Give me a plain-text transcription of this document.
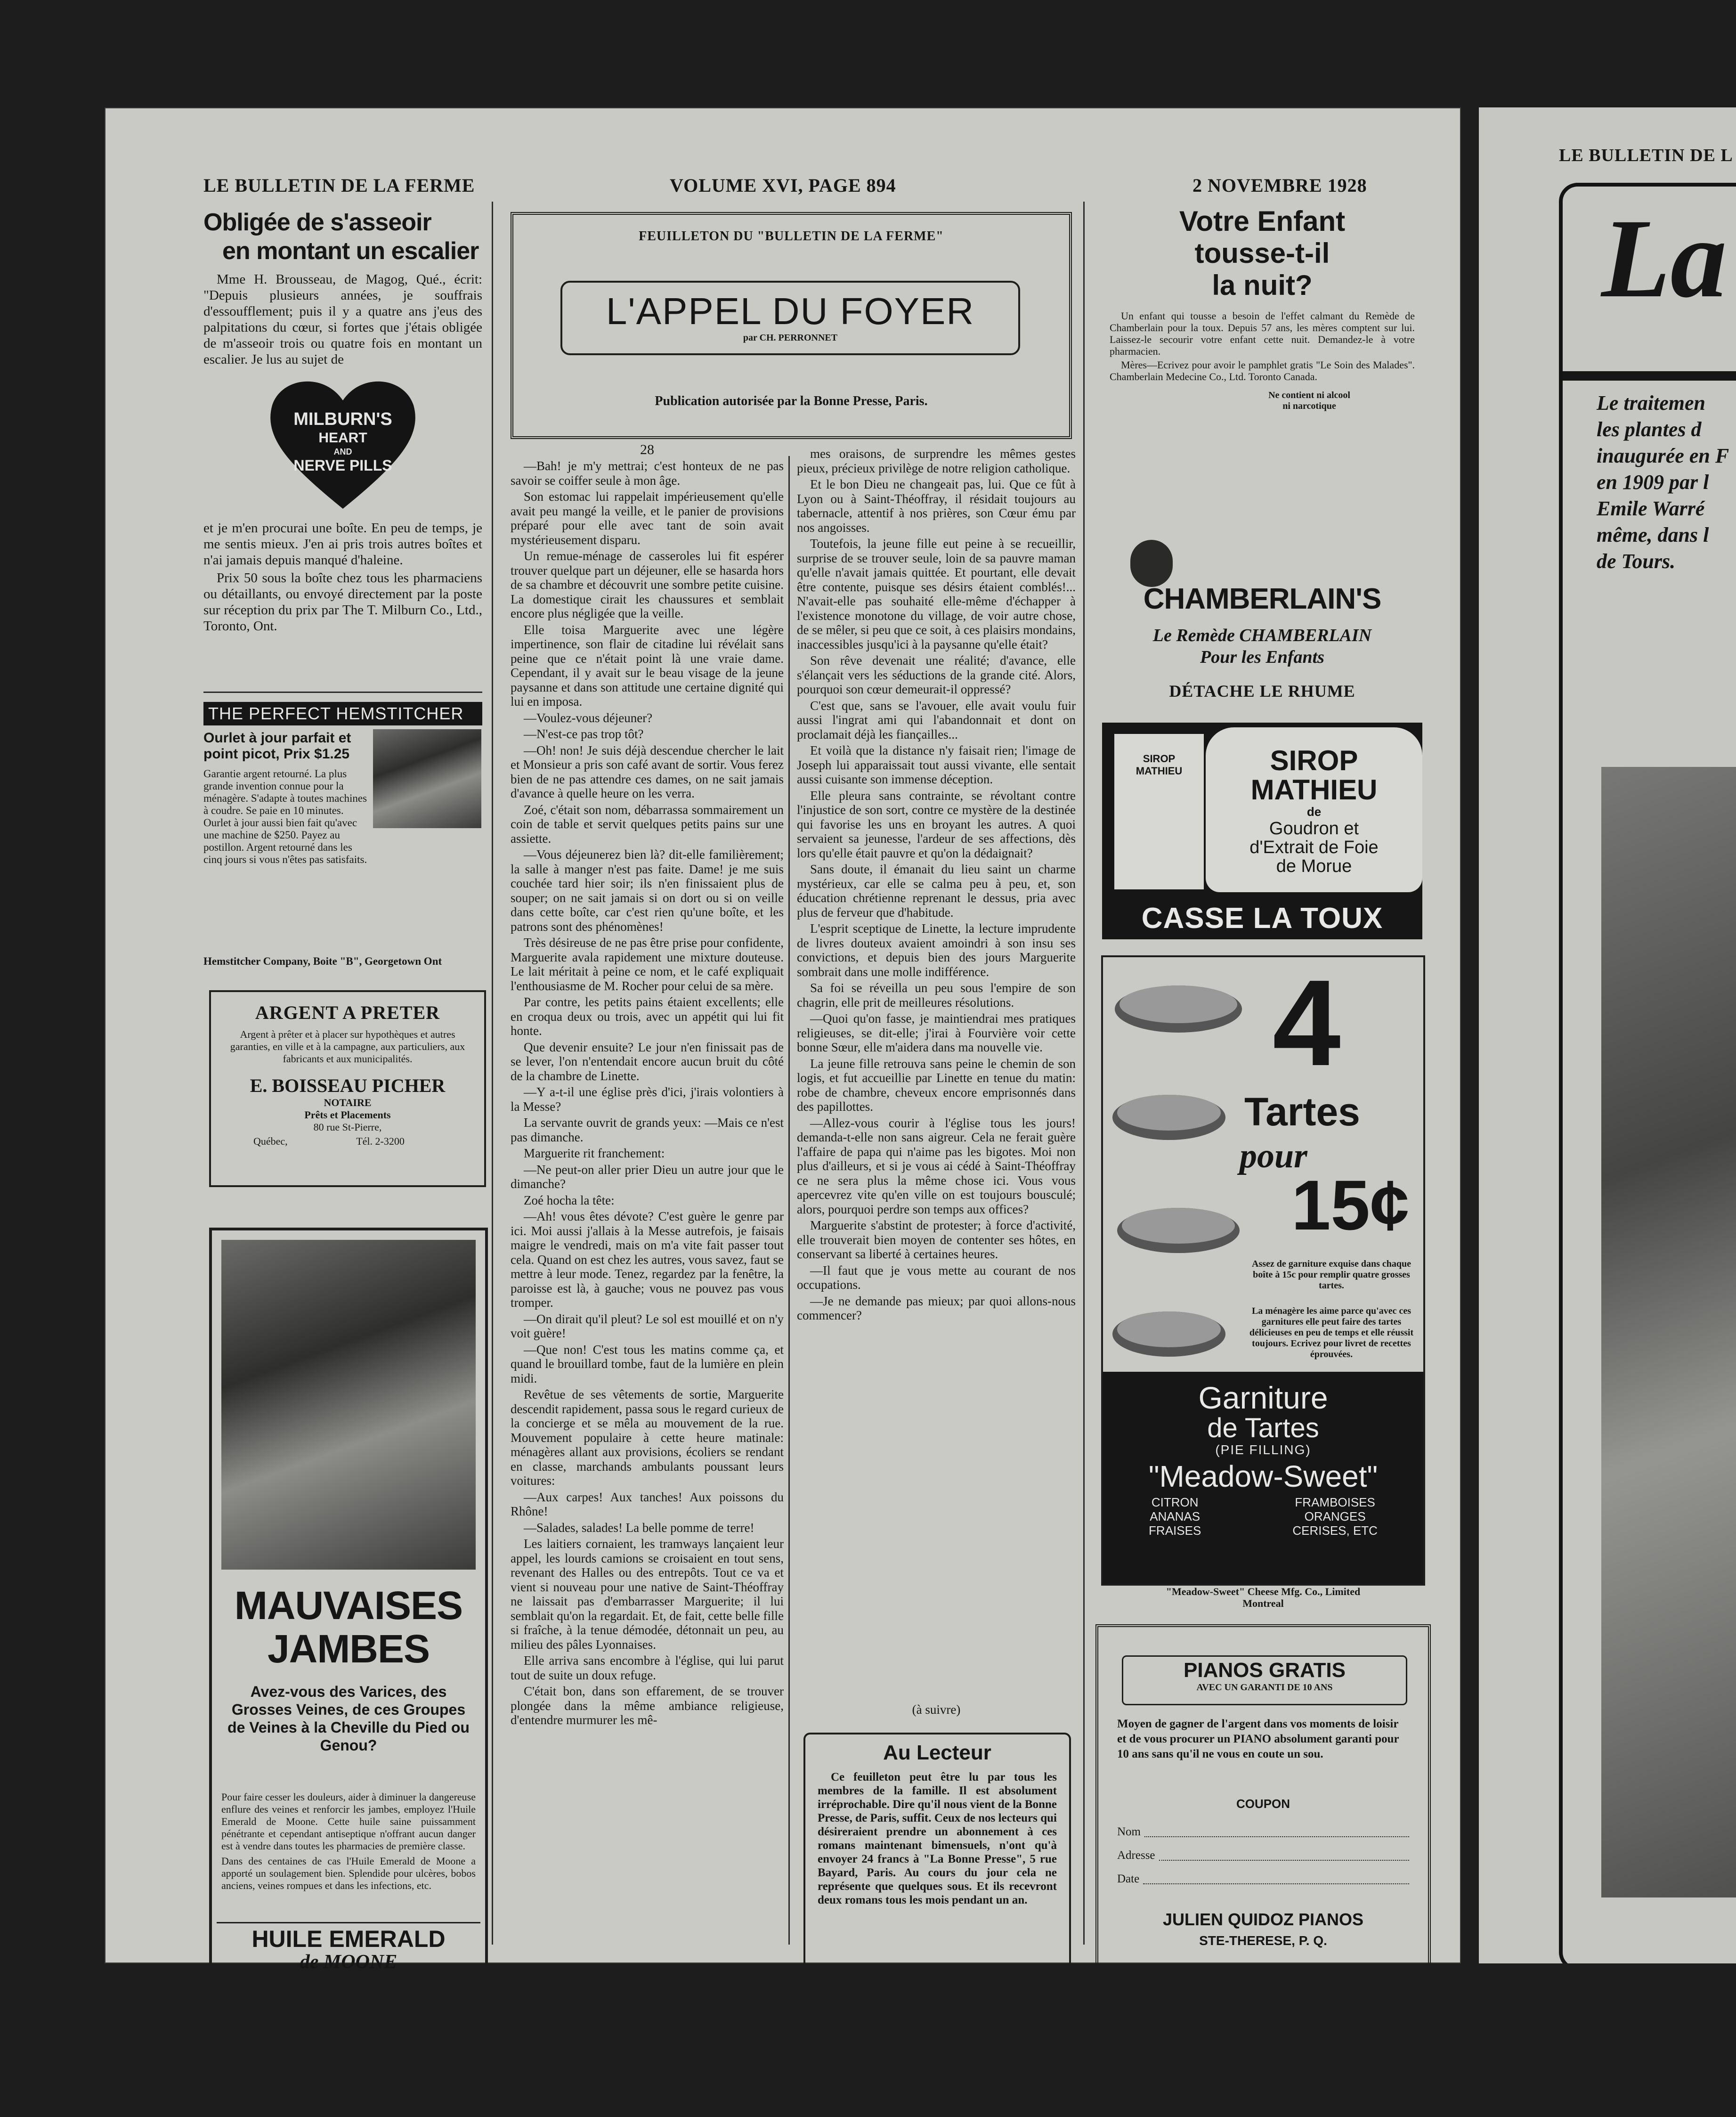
LE BULLETIN DE LA FERME	VOLUME XVI, PAGE 894	2 NOVEMBRE 1928
Obligée de s'asseoir
en montant un escalier
Mme H. Brousseau, de Magog, Qué., écrit: "Depuis plusieurs années, je souffrais d'essoufflement; puis il y a quatre ans j'eus des palpitations du cœur, si fortes que j'étais obligée de m'asseoir trois ou quatre fois en montant un escalier. Je lus au sujet de
MILBURN'S
HEART
AND
NERVE PILLS
et je m'en procurai une boîte. En peu de temps, je me sentis mieux. J'en ai pris trois autres boîtes et n'ai jamais depuis manqué d'haleine.
Prix 50 sous la boîte chez tous les pharmaciens ou détaillants, ou envoyé directement par la poste sur réception du prix par The T. Milburn Co., Ltd., Toronto, Ont.
THE PERFECT HEMSTITCHER
Ourlet à jour parfait et point picot, Prix $1.25
Garantie argent retourné. La plus grande invention connue pour la ménagère. S'adapte à toutes machines à coudre. Se paie en 10 minutes. Ourlet à jour aussi bien fait qu'avec une machine de $250. Payez au postillon. Argent retourné dans les cinq jours si vous n'êtes pas satisfaits.
Hemstitcher Company, Boite "B", Georgetown Ont
ARGENT A PRETER
Argent à prêter et à placer sur hypothèques et autres garanties, en ville et à la campagne, aux particuliers, aux fabricants et aux municipalités.
E. BOISSEAU PICHER
NOTAIRE
Prêts et Placements
80 rue St-Pierre,
Québec,	Tél. 2-3200
MAUVAISES
JAMBES
Avez-vous des Varices, des Grosses Veines, de ces Groupes de Veines à la Cheville du Pied ou Genou?
Pour faire cesser les douleurs, aider à diminuer la dangereuse enflure des veines et renforcir les jambes, employez l'Huile Emerald de Moone. Cette huile saine puissamment pénétrante et cependant antiseptique n'offrant aucun danger est à vendre dans toutes les pharmacies de première classe.
Dans des centaines de cas l'Huile Emerald de Moone a apporté un soulagement bien. Splendide pour ulcères, bobos anciens, veines rompues et dans les infections, etc.
HUILE EMERALD
de MOONE
FEUILLETON DU "BULLETIN DE LA FERME"
L'APPEL DU FOYER
par CH. PERRONNET
Publication autorisée par la Bonne Presse, Paris.
28

—Bah! je m'y mettrai; c'est honteux de ne pas savoir se coiffer seule à mon âge.

Son estomac lui rappelait impérieusement qu'elle avait peu mangé la veille, et le panier de provisions préparé pour elle avec tant de soin avait mystérieusement disparu.

Un remue-ménage de casseroles lui fit espérer trouver quelque part un déjeuner, elle se hasarda hors de sa chambre et découvrit une sombre petite cuisine. La domestique cirait les chaussures et semblait encore plus négligée que la veille.

Elle toisa Marguerite avec une légère impertinence, son flair de citadine lui révélait sans peine que ce n'était point là une vraie dame. Cependant, il y avait sur le beau visage de la jeune paysanne et dans son attitude une certaine dignité qui lui en imposa.

—Voulez-vous déjeuner?

—N'est-ce pas trop tôt?

—Oh! non! Je suis déjà descendue chercher le lait et Monsieur a pris son café avant de sortir. Vous ferez bien de ne pas attendre ces dames, on ne sait jamais d'avance à quelle heure on les verra.

Zoé, c'était son nom, débarrassa sommairement un coin de table et servit quelques petits pains sur une assiette.

—Vous déjeunerez bien là? dit-elle familièrement; la salle à manger n'est pas faite. Dame! je me suis couchée tard hier soir; ils n'en finissaient plus de souper; on ne sait jamais si on dort ou si on veille dans cette boîte, car c'est rien qu'une boîte, et les patrons sont des phénomènes!

Très désireuse de ne pas être prise pour confidente, Marguerite avala rapidement une mixture douteuse. Le lait méritait à peine ce nom, et le café expliquait l'enthousiasme de M. Rocher pour celui de sa mère.

Par contre, les petits pains étaient excellents; elle en croqua deux ou trois, avec un appétit qui lui fit honte.

Que devenir ensuite? Le jour n'en finissait pas de se lever, l'on n'entendait encore aucun bruit du côté de la chambre de Linette.

—Y a-t-il une église près d'ici, j'irais volontiers à la Messe?

La servante ouvrit de grands yeux: —Mais ce n'est pas dimanche.

Marguerite rit franchement:

—Ne peut-on aller prier Dieu un autre jour que le dimanche?

Zoé hocha la tête:

—Ah! vous êtes dévote? C'est guère le genre par ici. Moi aussi j'allais à la Messe autrefois, je faisais maigre le vendredi, mais on m'a vite fait passer tout cela. Quand on est chez les autres, vous savez, faut se mettre à leur mode. Tenez, regardez par la fenêtre, la paroisse est là, à gauche; vous ne pouvez pas vous tromper.

—On dirait qu'il pleut? Le sol est mouillé et on n'y voit guère!

—Que non! C'est tous les matins comme ça, et quand le brouillard tombe, faut de la lumière en plein midi.

Revêtue de ses vêtements de sortie, Marguerite descendit rapidement, passa sous le regard curieux de la concierge et se mêla au mouvement de la rue. Mouvement populaire à cette heure matinale: ménagères allant aux provisions, écoliers se rendant en classe, marchands ambulants poussant leurs voitures:

—Aux carpes! Aux tanches! Aux poissons du Rhône!

—Salades, salades! La belle pomme de terre!

Les laitiers cornaient, les tramways lançaient leur appel, les lourds camions se croisaient en tout sens, revenant des Halles ou des entrepôts. Tout ce va et vient si nouveau pour une native de Saint-Théoffray ne laissait pas d'embarrasser Marguerite; il lui semblait qu'on la regardait. Et, de fait, cette belle fille si fraîche, à la tenue démodée, détonnait un peu, au milieu des pâles Lyonnaises.

Elle arriva sans encombre à l'église, qui lui parut tout de suite un doux refuge.

C'était bon, dans son effarement, de se trouver plongée dans la même ambiance religieuse, d'entendre murmurer les mê-

mes oraisons, de surprendre les mêmes gestes pieux, précieux privilège de notre religion catholique.

Et le bon Dieu ne changeait pas, lui. Que ce fût à Lyon ou à Saint-Théoffray, il résidait toujours au tabernacle, attentif à nos prières, son Cœur ému par nos angoisses.

Toutefois, la jeune fille eut peine à se recueillir, surprise de se trouver seule, loin de sa pauvre maman qu'elle n'avait jamais quittée. Et pourtant, elle devait être contente, puisque ses désirs étaient comblés!... N'avait-elle pas souhaité elle-même d'échapper à l'existence monotone du village, de voir autre chose, de se mêler, si peu que ce soit, à ces plaisirs mondains, inaccessibles jusqu'ici à la paysanne qu'elle était?

Son rêve devenait une réalité; d'avance, elle s'élançait vers les séductions de la grande cité. Alors, pourquoi son cœur demeurait-il oppressé?

C'est que, sans se l'avouer, elle avait voulu fuir aussi l'ingrat ami qui l'abandonnait et dont on proclamait déjà les fiançailles...

Et voilà que la distance n'y faisait rien; l'image de Joseph lui apparaissait tout aussi vivante, elle sentait aussi cuisante son immense déception.

Elle pleura sans contrainte, se révoltant contre l'injustice de son sort, contre ce mystère de la destinée qui favorise les uns en broyant les autres. A quoi servaient sa jeunesse, l'ardeur de ses affections, dès lors qu'elle était pauvre et qu'on la dédaignait?

Sans doute, il émanait du lieu saint un charme mystérieux, car elle se calma peu à peu, et, son éducation chrétienne reprenant le dessus, pria avec plus de ferveur que d'habitude.

L'esprit sceptique de Linette, la lecture imprudente de livres douteux avaient amoindri à son insu ses convictions, et depuis bien des jours Marguerite sombrait dans une molle indifférence.

Sa foi se réveilla un peu sous l'empire de son chagrin, elle prit de meilleures résolutions.

—Quoi qu'on fasse, je maintiendrai mes pratiques religieuses, se dit-elle; j'irai à Fourvière voir cette bonne Sœur, elle m'aidera dans ma nouvelle vie.

La jeune fille retrouva sans peine le chemin de son logis, et fut accueillie par Linette en tenue du matin: robe de chambre, cheveux encore emprisonnés dans des papillottes.

—Allez-vous courir à l'église tous les jours! demanda-t-elle non sans aigreur. Cela ne ferait guère l'affaire de papa qui n'aime pas les bigotes. Moi non plus d'ailleurs, et si je vous ai cédé à Saint-Théoffray ce ne sera plus la même chose ici. Vous vous apercevrez vite qu'en ville on est toujours bousculé; alors, pourquoi perdre son temps aux offices?

Marguerite s'abstint de protester; à force d'activité, elle trouverait bien moyen de contenter ses hôtes, en conservant sa liberté à certaines heures.

—Il faut que je vous mette au courant de nos occupations.

—Je ne demande pas mieux; par quoi allons-nous commencer?

(à suivre)
Au Lecteur
Ce feuilleton peut être lu par tous les membres de la famille. Il est absolument irréprochable. Dire qu'il nous vient de la Bonne Presse, de Paris, suffit. Ceux de nos lecteurs qui désireraient prendre un abonnement à ces romans maintenant bimensuels, n'ont qu'à envoyer 24 francs à "La Bonne Presse", 5 rue Bayard, Paris. Au cours du jour cela ne représente que quelques sous. Et ils recevront deux romans tous les mois pendant un an.
Votre Enfant
tousse-t-il
la nuit?
Un enfant qui tousse a besoin de l'effet calmant du Remède de Chamberlain pour la toux. Depuis 57 ans, les mères comptent sur lui. Laissez-le secourir votre enfant cette nuit. Demandez-le à votre pharmacien.
Mères—Ecrivez pour avoir le pamphlet gratis "Le Soin des Malades". Chamberlain Medecine Co., Ltd. Toronto Canada.
Ne contient ni alcool
ni narcotique
CHAMBERLAIN'S
Le Remède CHAMBERLAIN
Pour les Enfants
DÉTACHE LE RHUME
SIROP
MATHIEU	SIROP
MATHIEU
de
Goudron et
d'Extrait de Foie
de Morue
CASSE LA TOUX
4
Tartes
pour
15¢
Assez de garniture exquise dans chaque boîte à 15c pour remplir quatre grosses tartes.
La ménagère les aime parce qu'avec ces garnitures elle peut faire des tartes délicieuses en peu de temps et elle réussit toujours. Ecrivez pour livret de recettes éprouvées.
Garniture
de Tartes
(PIE FILLING)
"Meadow-Sweet"
CITRON
ANANAS
FRAISES
FRAMBOISES
ORANGES
CERISES, ETC
"Meadow-Sweet" Cheese Mfg. Co., Limited
Montreal
PIANOS GRATIS
AVEC UN GARANTI DE 10 ANS
Moyen de gagner de l'argent dans vos moments de loisir et de vous procurer un PIANO absolument garanti pour 10 ans sans qu'il ne vous en coute un sou.
COUPON
Nom
Adresse
Date
JULIEN QUIDOZ PIANOS
STE-THERESE, P. Q.
LE BULLETIN DE L
La
Le traitemen
les plantes d
inaugurée en F
en 1909 par l
Emile Warré
même, dans l
de Tours.
